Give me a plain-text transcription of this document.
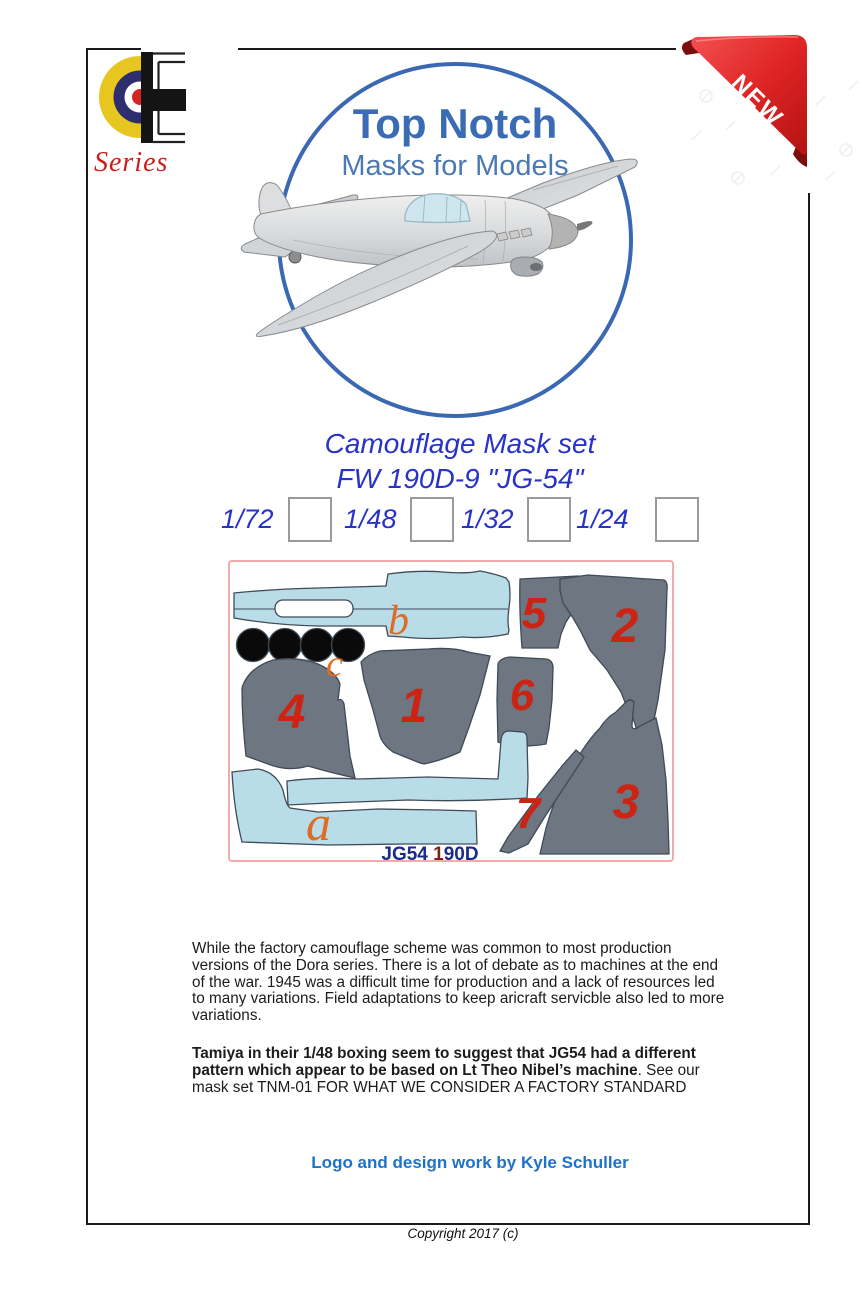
Series
Top Notch
Masks for Models
NEW
Camouflage Mask set
FW 190D-9 "JG-54"
1/72	1/48 1/32 1/24
5 2
4 1 6
3
7
b
c
a
JG54 190D
While the factory camouflage scheme was common to most production
versions of the Dora series. There is a lot of debate as to machines at the end
of the war. 1945 was a difficult time for production and a lack of resources led
to many variations. Field adaptations to keep aricraft servicble also led to more
variations.
Tamiya in their 1/48 boxing seem to suggest that JG54 had a different
pattern which appear to be based on Lt Theo Nibel’s machine. See our
mask set TNM-01 FOR WHAT WE CONSIDER A FACTORY STANDARD
Logo and design work by Kyle Schuller
Copyright 2017 (c)
